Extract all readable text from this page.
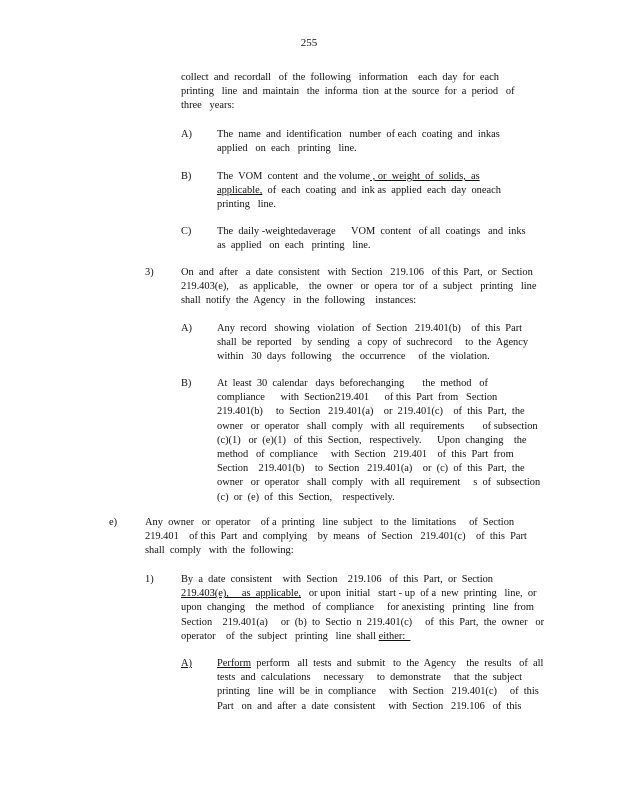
255
collect  and  recordall   of  the  following   information    each  day  for  each
printing   line  and  maintain   the  informa  tion  at the  source  for  a  period   of
three   years:
A) The  name  and  identification   number  of each  coating  and  inkas
applied   on  each   printing   line.
B) The  VOM  content  and  the volume , or  weight  of  solids,  as
applicable,  of  each  coating  and  ink as  applied  each  day  oneach
printing   line.
C) The  daily -weightedaverage      VOM  content   of all  coatings   and  inks
as  applied   on  each   printing   line.
3)	On  and  after   a  date  consistent   with  Section   219.106   of this  Part,  or  Section
219.403(e),    as  applicable,    the  owner   or  opera  tor  of  a  subject   printing   line
shall  notify  the  Agency   in  the  following    instances:
A) Any  record   showing   violation   of  Section   219.401(b)    of  this  Part
shall  be  reported    by  sending   a  copy  of  suchrecord     to  the  Agency
within   30  days  following    the  occurrence     of  the  violation.
B) At  least  30  calendar   days  beforechanging       the  method   of
compliance      with  Section219.401      of this  Part  from   Section
219.401(b)     to  Section   219.401(a)    or  219.401(c)    of  this  Part,  the
owner   or  operator   shall  comply   with  all  requirements       of subsection
(c)(1)   or  (e)(1)   of  this  Section,   respectively.      Upon  changing    the
method   of  compliance     with  Section   219.401    of  this  Part  from
Section    219.401(b)    to  Section   219.401(a)    or  (c)  of  this  Part,  the
owner   or  operator   shall  comply   with  all  requirement     s  of  subsection
(c)  or  (e)  of  this  Section,    respectively.
e)	Any  owner   or  operator    of a  printing   line  subject   to  the  limitations     of  Section
219.401    of this  Part  and  complying    by  means   of  Section   219.401(c)    of  this  Part
shall  comply   with  the  following:
1)	By  a  date  consistent    with  Section    219.106   of  this  Part,  or  Section
219.403(e),     as  applicable,   or upon  initial   start - up  of a  new  printing   line,  or
upon  changing    the  method   of  compliance     for anexisting   printing   line  from
Section    219.401(a)     or  (b)  to  Sectio  n  219.401(c)     of  this  Part,  the  owner   or
operator    of  the  subject   printing   line  shall either:
A) Perform  perform   all  tests  and  submit   to  the  Agency    the  results   of  all
tests  and  calculations     necessary     to  demonstrate     that  the  subject
printing   line  will  be  in  compliance     with  Section   219.401(c)     of  this
Part   on  and  after  a  date  consistent     with  Section   219.106   of  this
